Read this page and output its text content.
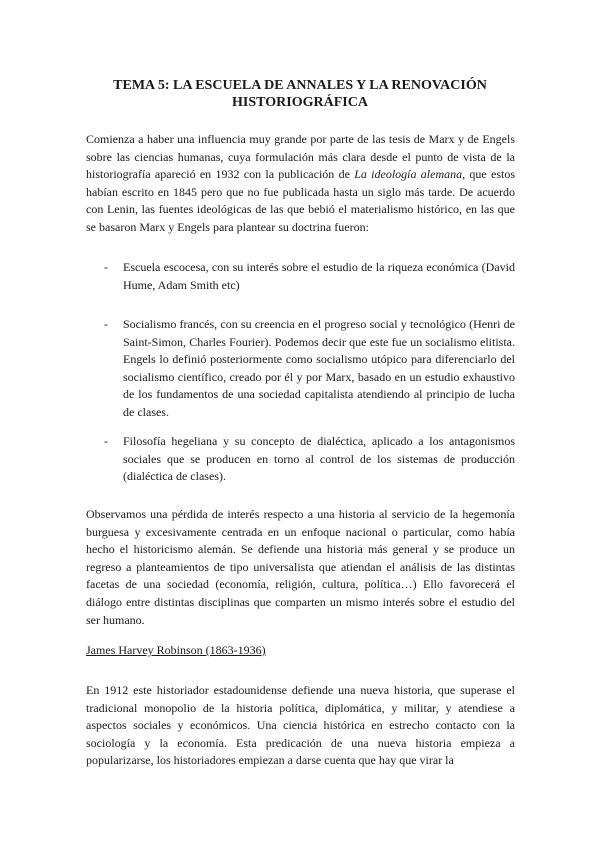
TEMA 5: LA ESCUELA DE ANNALES Y LA RENOVACIÓN
HISTORIOGRÁFICA

Comienza a haber una influencia muy grande por parte de las tesis de Marx y de Engels sobre las ciencias humanas, cuya formulación más clara desde el punto de vista de la historiografía apareció en 1932 con la publicación de La ideología alemana, que estos habían escrito en 1845 pero que no fue publicada hasta un siglo más tarde. De acuerdo con Lenin, las fuentes ideológicas de las que bebió el materialismo histórico, en las que se basaron Marx y Engels para plantear su doctrina fueron:

-	Escuela escocesa, con su interés sobre el estudio de la riqueza económica (David Hume, Adam Smith etc)
-	Socialismo francés, con su creencia en el progreso social y tecnológico (Henri de Saint-Simon, Charles Fourier). Podemos decir que este fue un socialismo elitista. Engels lo definió posteriormente como socialismo utópico para diferenciarlo del socialismo científico, creado por él y por Marx, basado en un estudio exhaustivo de los fundamentos de una sociedad capitalista atendiendo al principio de lucha de clases.
-	Filosofía hegeliana y su concepto de dialéctica, aplicado a los antagonismos sociales que se producen en torno al control de los sistemas de producción (dialéctica de clases).

Observamos una pérdida de interés respecto a una historia al servicio de la hegemonía burguesa y excesivamente centrada en un enfoque nacional o particular, como había hecho el historicismo alemán. Se defiende una historia más general y se produce un regreso a planteamientos de tipo universalista que atiendan el análisis de las distintas facetas de una sociedad (economía, religión, cultura, política…) Ello favorecerá el diálogo entre distintas disciplinas que comparten un mismo interés sobre el estudio del ser humano.

James Harvey Robinson (1863-1936)

En 1912 este historiador estadounidense defiende una nueva historia, que superase el tradicional monopolio de la historia política, diplomática, y militar, y atendiese a aspectos sociales y económicos. Una ciencia histórica en estrecho contacto con la sociología y la economía. Esta predicación de una nueva historia empieza a popularizarse, los historiadores empiezan a darse cuenta que hay que virar la
